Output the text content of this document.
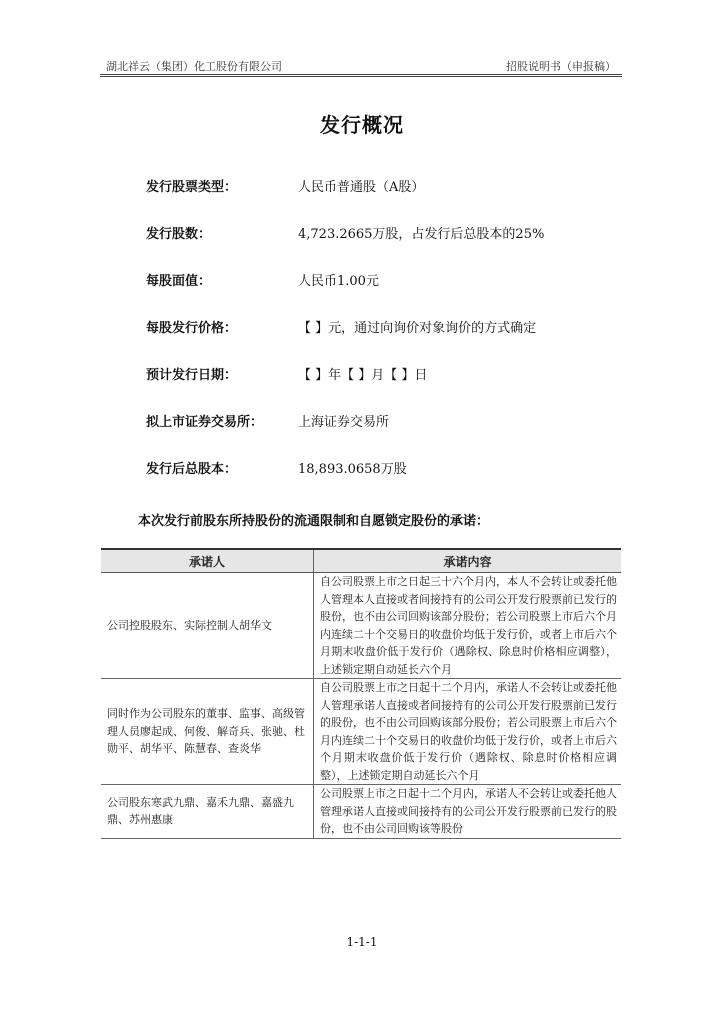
湖北祥云（集团）化工股份有限公司	招股说明书（申报稿）
发行概况
发行股票类型：	人民币普通股（A股）
发行股数：	4,723.2665万股，占发行后总股本的25%
每股面值：	人民币1.00元
每股发行价格：	【 】元，通过向询价对象询价的方式确定
预计发行日期：	【 】年【 】月【 】日
拟上市证券交易所：	上海证券交易所
发行后总股本：	18,893.0658万股
本次发行前股东所持股份的流通限制和自愿锁定股份的承诺：
承诺人	承诺内容
公司控股股东、实际控制人胡华文	自公司股票上市之日起三十六个月内，本人不会转让或委托他人管理本人直接或者间接持有的公司公开发行股票前已发行的股份，也不由公司回购该部分股份；若公司股票上市后六个月内连续二十个交易日的收盘价均低于发行价，或者上市后六个月期末收盘价低于发行价（遇除权、除息时价格相应调整），上述锁定期自动延长六个月
同时作为公司股东的董事、监事、高级管理人员廖起成、何俊、解奇兵、张驰、杜勋平、胡华平、陈慧春、查炎华	自公司股票上市之日起十二个月内，承诺人不会转让或委托他人管理承诺人直接或者间接持有的公司公开发行股票前已发行的股份，也不由公司回购该部分股份；若公司股票上市后六个月内连续二十个交易日的收盘价均低于发行价，或者上市后六个月期末收盘价低于发行价（遇除权、除息时价格相应调整），上述锁定期自动延长六个月
公司股东寒武九鼎、嘉禾九鼎、嘉盛九鼎、苏州惠康	公司股票上市之日起十二个月内，承诺人不会转让或委托他人管理承诺人直接或间接持有的公司公开发行股票前已发行的股份，也不由公司回购该等股份
1-1-1
